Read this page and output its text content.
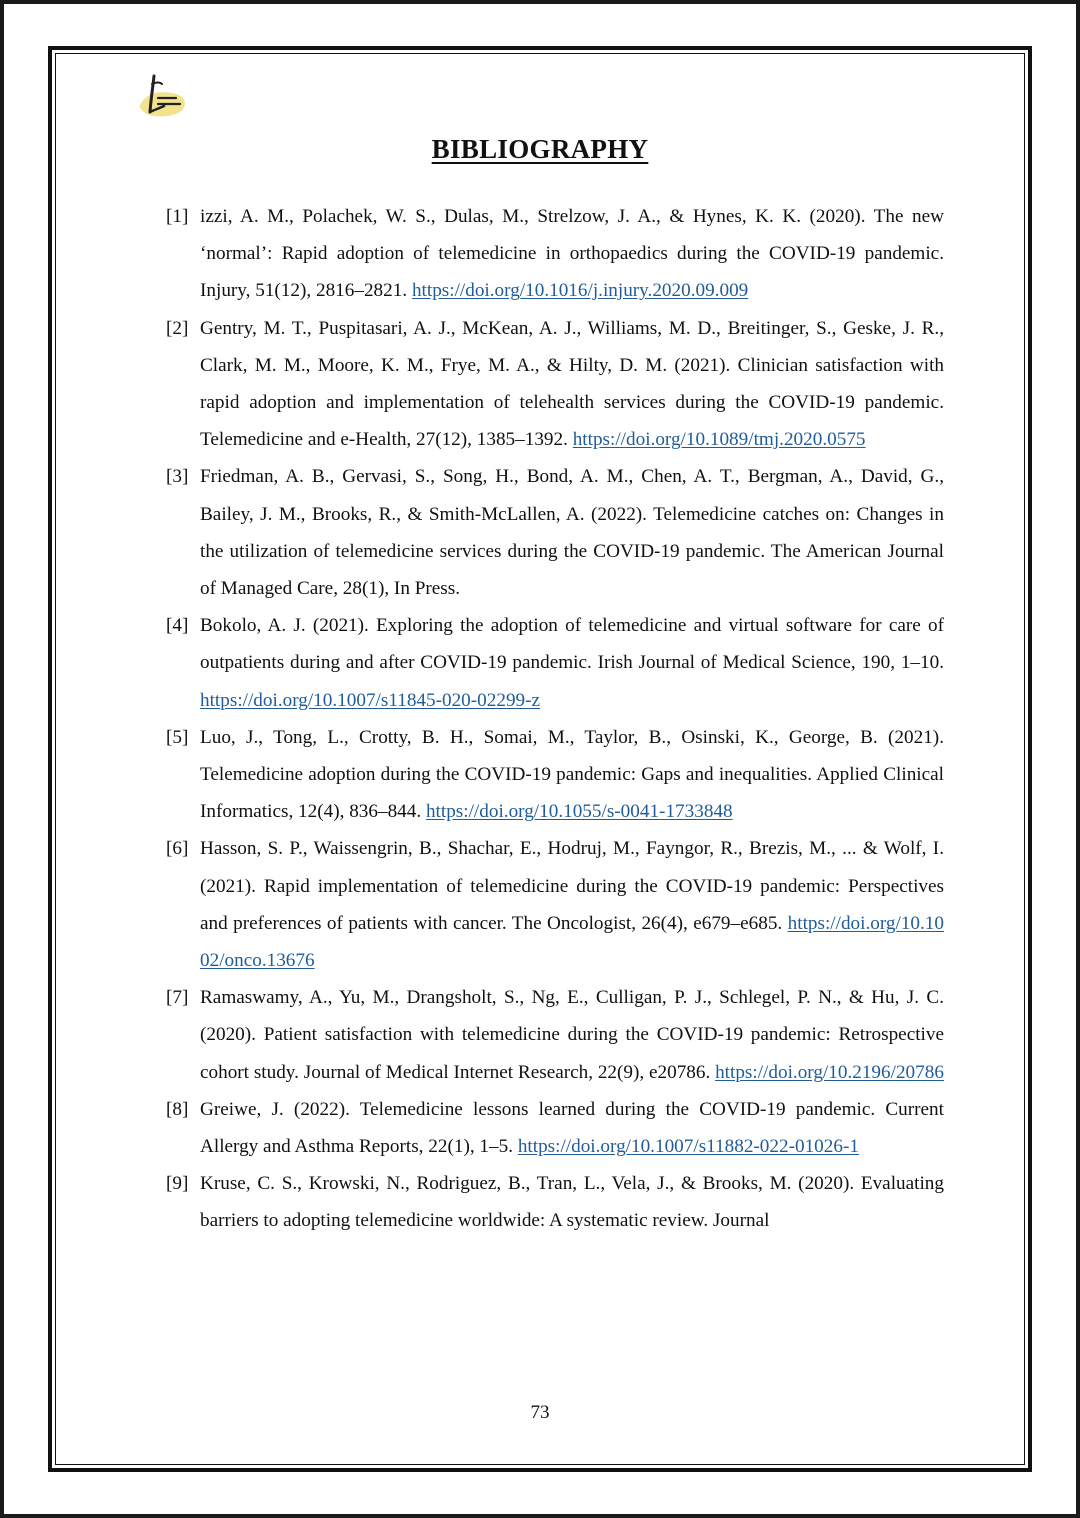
BIBLIOGRAPHY
[1] izzi, A. M., Polachek, W. S., Dulas, M., Strelzow, J. A., & Hynes, K. K. (2020). The new ‘normal’: Rapid adoption of telemedicine in orthopaedics during the COVID-19 pandemic. Injury, 51(12), 2816–2821. https://doi.org/10.1016/j.injury.2020.09.009
[2] Gentry, M. T., Puspitasari, A. J., McKean, A. J., Williams, M. D., Breitinger, S., Geske, J. R., Clark, M. M., Moore, K. M., Frye, M. A., & Hilty, D. M. (2021). Clinician satisfaction with rapid adoption and implementation of telehealth services during the COVID-19 pandemic. Telemedicine and e-Health, 27(12), 1385–1392. https://doi.org/10.1089/tmj.2020.0575
[3] Friedman, A. B., Gervasi, S., Song, H., Bond, A. M., Chen, A. T., Bergman, A., David, G., Bailey, J. M., Brooks, R., & Smith-McLallen, A. (2022). Telemedicine catches on: Changes in the utilization of telemedicine services during the COVID-19 pandemic. The American Journal of Managed Care, 28(1), In Press.
[4] Bokolo, A. J. (2021). Exploring the adoption of telemedicine and virtual software for care of outpatients during and after COVID-19 pandemic. Irish Journal of Medical Science, 190, 1–10. https://doi.org/10.1007/s11845-020-02299-z
[5] Luo, J., Tong, L., Crotty, B. H., Somai, M., Taylor, B., Osinski, K., George, B. (2021). Telemedicine adoption during the COVID-19 pandemic: Gaps and inequalities. Applied Clinical Informatics, 12(4), 836–844. https://doi.org/10.1055/s-0041-1733848
[6] Hasson, S. P., Waissengrin, B., Shachar, E., Hodruj, M., Fayngor, R., Brezis, M., ... & Wolf, I. (2021). Rapid implementation of telemedicine during the COVID-19 pandemic: Perspectives and preferences of patients with cancer. The Oncologist, 26(4), e679–e685. https://doi.org/10.1002/onco.13676
[7] Ramaswamy, A., Yu, M., Drangsholt, S., Ng, E., Culligan, P. J., Schlegel, P. N., & Hu, J. C. (2020). Patient satisfaction with telemedicine during the COVID-19 pandemic: Retrospective cohort study. Journal of Medical Internet Research, 22(9), e20786. https://doi.org/10.2196/20786
[8] Greiwe, J. (2022). Telemedicine lessons learned during the COVID-19 pandemic. Current Allergy and Asthma Reports, 22(1), 1–5. https://doi.org/10.1007/s11882-022-01026-1
[9] Kruse, C. S., Krowski, N., Rodriguez, B., Tran, L., Vela, J., & Brooks, M. (2020). Evaluating barriers to adopting telemedicine worldwide: A systematic review. Journal
73
